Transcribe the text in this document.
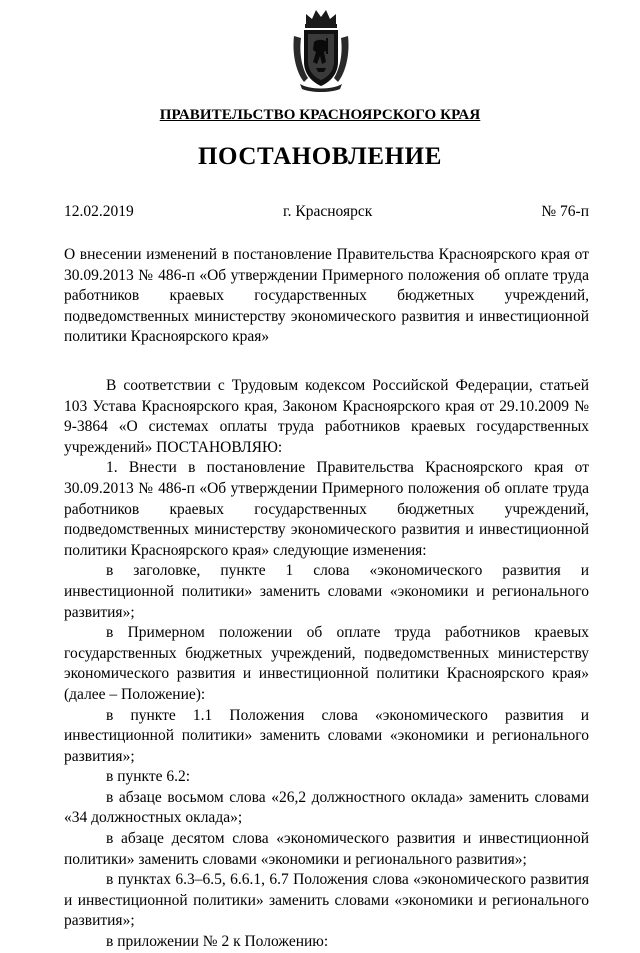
ПРАВИТЕЛЬСТВО КРАСНОЯРСКОГО КРАЯ
ПОСТАНОВЛЕНИЕ
12.02.2019	г. Красноярск	№ 76-п
О внесении изменений в постановление Правительства Красноярского края от 30.09.2013 № 486-п «Об утверждении Примерного положения об оплате труда работников краевых государственных бюджетных учреждений, подведомственных министерству экономического развития и инвестиционной политики Красноярского края»

В соответствии с Трудовым кодексом Российской Федерации, статьей 103 Устава Красноярского края, Законом Красноярского края от 29.10.2009 № 9-3864 «О системах оплаты труда работников краевых государственных учреждений» ПОСТАНОВЛЯЮ:

1. Внести в постановление Правительства Красноярского края от 30.09.2013 № 486-п «Об утверждении Примерного положения об оплате труда работников краевых государственных бюджетных учреждений, подведомственных министерству экономического развития и инвестиционной политики Красноярского края» следующие изменения:

в заголовке, пункте 1 слова «экономического развития и инвестиционной политики» заменить словами «экономики и регионального развития»;

в Примерном положении об оплате труда работников краевых государственных бюджетных учреждений, подведомственных министерству экономического развития и инвестиционной политики Красноярского края» (далее – Положение):

в пункте 1.1 Положения слова «экономического развития и инвестиционной политики» заменить словами «экономики и регионального развития»;

в пункте 6.2:

в абзаце восьмом слова «26,2 должностного оклада» заменить словами «34 должностных оклада»;

в абзаце десятом слова «экономического развития и инвестиционной политики» заменить словами «экономики и регионального развития»;

в пунктах 6.3–6.5, 6.6.1, 6.7 Положения слова «экономического развития и инвестиционной политики» заменить словами «экономики и регионального развития»;

в приложении № 2 к Положению:
